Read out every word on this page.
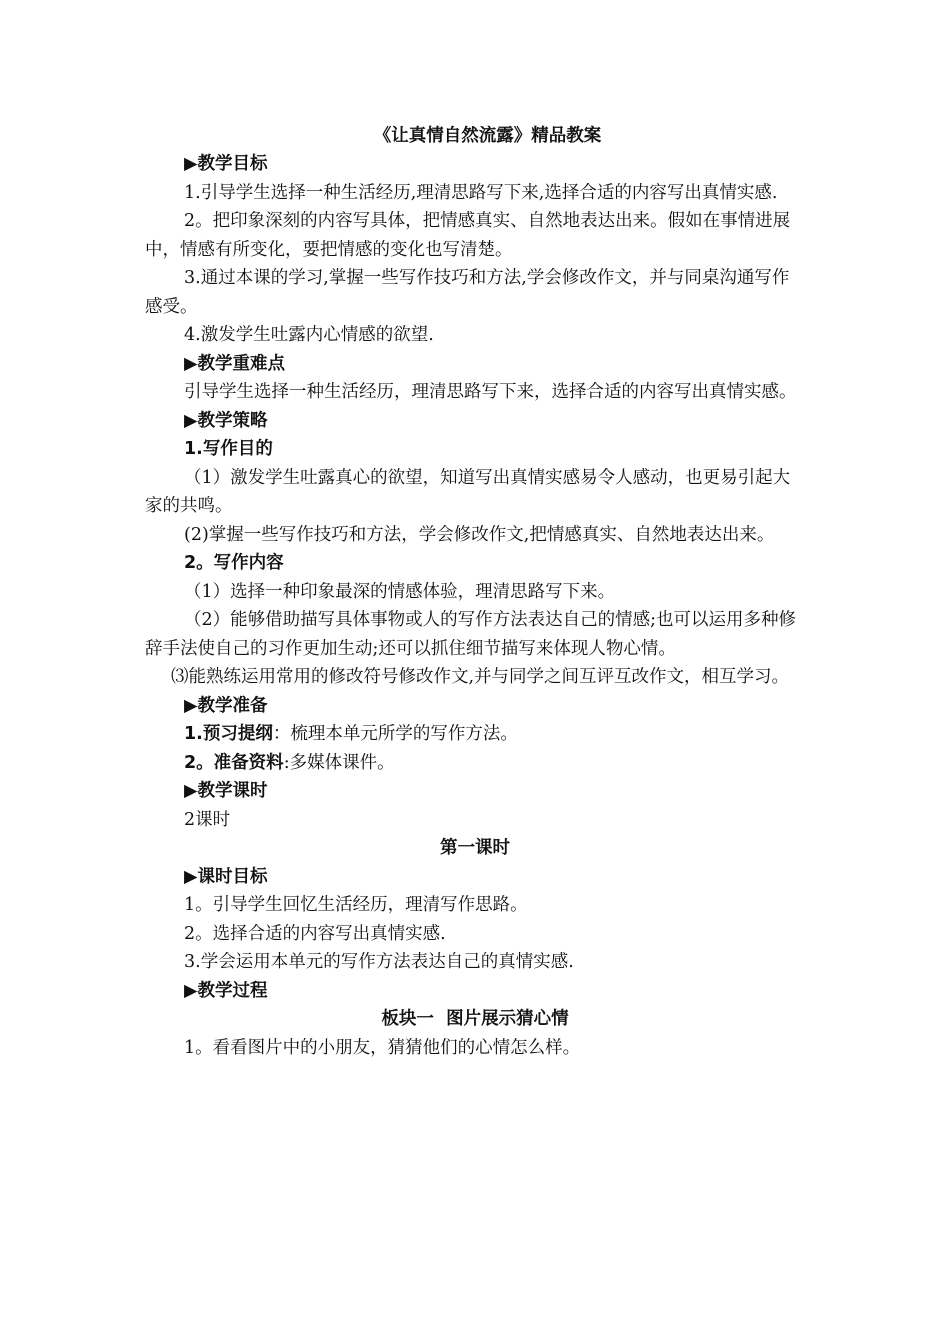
《让真情自然流露》精品教案
▶教学目标
1.引导学生选择一种生活经历,理清思路写下来,选择合适的内容写出真情实感.
2。把印象深刻的内容写具体，把情感真实、自然地表达出来。假如在事情进展中，情感有所变化，要把情感的变化也写清楚。
3.通过本课的学习,掌握一些写作技巧和方法,学会修改作文，并与同桌沟通写作感受。
4.激发学生吐露内心情感的欲望.
▶教学重难点
引导学生选择一种生活经历，理清思路写下来，选择合适的内容写出真情实感。
▶教学策略
1.写作目的
（1）激发学生吐露真心的欲望，知道写出真情实感易令人感动，也更易引起大家的共鸣。
(2)掌握一些写作技巧和方法，学会修改作文,把情感真实、自然地表达出来。
2。写作内容
（1）选择一种印象最深的情感体验，理清思路写下来。
（2）能够借助描写具体事物或人的写作方法表达自己的情感;也可以运用多种修辞手法使自己的习作更加生动;还可以抓住细节描写来体现人物心情。
⑶能熟练运用常用的修改符号修改作文,并与同学之间互评互改作文，相互学习。
▶教学准备
1.预习提纲：梳理本单元所学的写作方法。
2。准备资料:多媒体课件。
▶教学课时
2课时
第一课时
▶课时目标
1。引导学生回忆生活经历，理清写作思路。
2。选择合适的内容写出真情实感.
3.学会运用本单元的写作方法表达自己的真情实感.
▶教学过程
板块一  图片展示猜心情
1。看看图片中的小朋友，猜猜他们的心情怎么样。
